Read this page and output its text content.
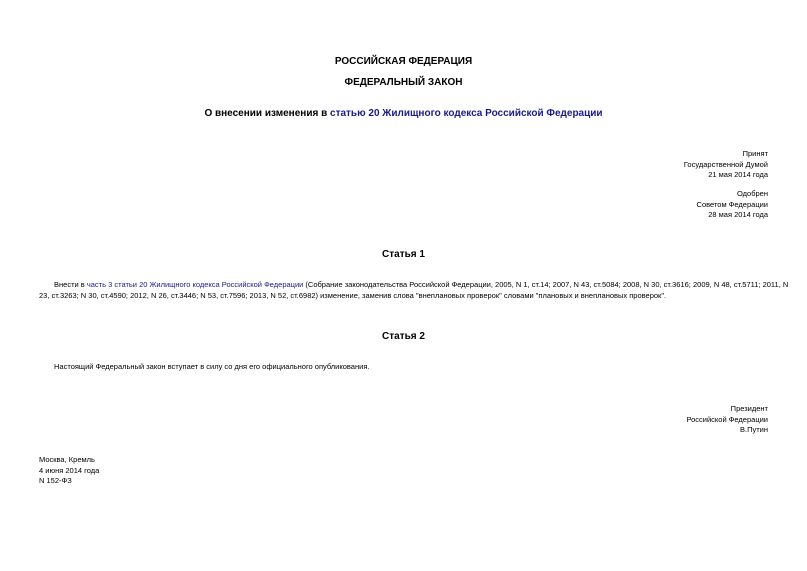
РОССИЙСКАЯ ФЕДЕРАЦИЯ
ФЕДЕРАЛЬНЫЙ ЗАКОН
О внесении изменения в статью 20 Жилищного кодекса Российской Федерации
Принят
Государственной Думой
21 мая 2014 года
Одобрен
Советом Федерации
28 мая 2014 года
Статья 1
Внести в часть 3 статьи 20 Жилищного кодекса Российской Федерации (Собрание законодательства Российской Федерации, 2005, N 1, ст.14; 2007, N 43, ст.5084; 2008, N 30, ст.3616; 2009, N 48, ст.5711; 2011, N
23, ст.3263; N 30, ст.4590; 2012, N 26, ст.3446; N 53, ст.7596; 2013, N 52, ст.6982) изменение, заменив слова "внеплановых проверок" словами "плановых и внеплановых проверок".
Статья 2
Настоящий Федеральный закон вступает в силу со дня его официального опубликования.
Президент
Российской Федерации
В.Путин
Москва, Кремль
4 июня 2014 года
N 152-ФЗ
